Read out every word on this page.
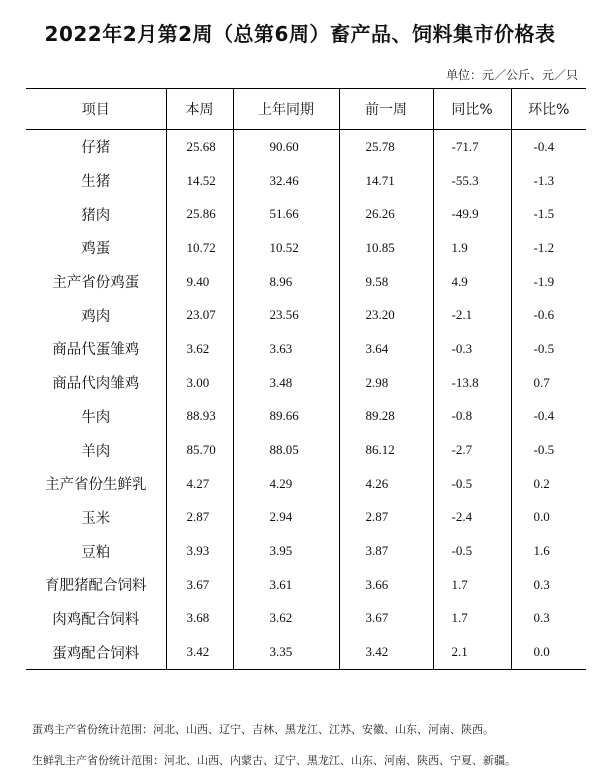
2022年2月第2周（总第6周）畜产品、饲料集市价格表
单位：元／公斤、元／只
项目	本周	上年同期	前一周	同比%	环比%
仔猪	25.68	90.60	25.78	-71.7	-0.4
生猪	14.52	32.46	14.71	-55.3	-1.3
猪肉	25.86	51.66	26.26	-49.9	-1.5
鸡蛋	10.72	10.52	10.85	1.9	-1.2
主产省份鸡蛋	9.40	8.96	9.58	4.9	-1.9
鸡肉	23.07	23.56	23.20	-2.1	-0.6
商品代蛋雏鸡	3.62	3.63	3.64	-0.3	-0.5
商品代肉雏鸡	3.00	3.48	2.98	-13.8	0.7
牛肉	88.93	89.66	89.28	-0.8	-0.4
羊肉	85.70	88.05	86.12	-2.7	-0.5
主产省份生鲜乳	4.27	4.29	4.26	-0.5	0.2
玉米	2.87	2.94	2.87	-2.4	0.0
豆粕	3.93	3.95	3.87	-0.5	1.6
育肥猪配合饲料	3.67	3.61	3.66	1.7	0.3
肉鸡配合饲料	3.68	3.62	3.67	1.7	0.3
蛋鸡配合饲料	3.42	3.35	3.42	2.1	0.0
蛋鸡主产省份统计范围：河北、山西、辽宁、吉林、黑龙江、江苏、安徽、山东、河南、陕西。
生鲜乳主产省份统计范围：河北、山西、内蒙古、辽宁、黑龙江、山东、河南、陕西、宁夏、新疆。
